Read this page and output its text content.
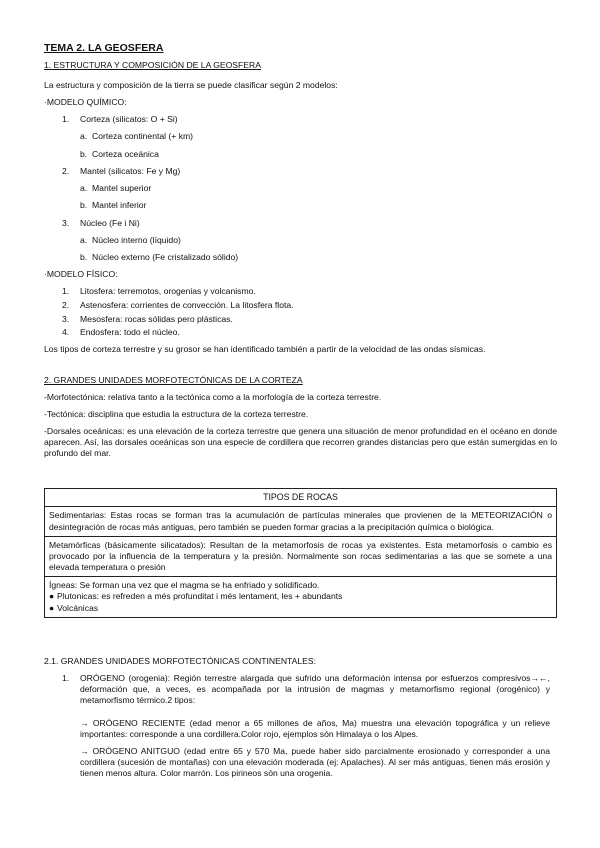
TEMA 2. LA GEOSFERA
1. ESTRUCTURA Y COMPOSICIÓN DE LA GEOSFERA
La estructura y composición de la tierra se puede clasificar según 2 modelos:
·MODELO QUÍMICO:
1. Corteza (silicatos: O + Si)
a. Corteza continental (+ km)
b. Corteza oceánica
2. Mantel (silicatos: Fe y Mg)
a. Mantel superior
b. Mantel inferior
3. Núcleo (Fe i Ni)
a. Núcleo interno (líquido)
b. Núcleo externo (Fe cristalizado sólido)
·MODELO FÍSICO:
1. Litosfera: terremotos, orogenias y volcanismo.
2. Astenosfera: corrientes de convección. La litosfera flota.
3. Mesosfera: rocas sólidas pero plásticas.
4. Endosfera: todo el núcleo.
Los tipos de corteza terrestre y su grosor se han identificado también a partir de la velocidad de las ondas sísmicas.
2. GRANDES UNIDADES MORFOTECTÓNICAS DE LA CORTEZA
-Morfotectónica: relativa tanto a la tectónica como a la morfología de la corteza terrestre.
-Tectónica: disciplina que estudia la estructura de la corteza terrestre.
-Dorsales oceánicas: es una elevación de la corteza terrestre que genera una situación de menor profundidad en el océano en donde aparecen. Así, las dorsales oceánicas son una especie de cordillera que recorren grandes distancias pero que están sumergidas en lo profundo del mar.
TIPOS DE ROCAS
Sedimentarias: Estas rocas se forman tras la acumulación de partículas minerales que provienen de la METEORIZACIÓN o desintegración de rocas más antiguas, pero también se pueden formar gracias a la precipitación química o biológica.
Metamórficas (básicamente silicatados): Resultan de la metamorfosis de rocas ya existentes. Esta metamorfosis o cambio es provocado por la influencia de la temperatura y la presión. Normalmente son rocas sedimentarias a las que se somete a una elevada temperatura o presión
Ígneas: Se forman una vez que el magma se ha enfriado y solidificado.
● Plutonicas: es refreden a més profunditat i més lentament, les + abundants
● Volcánicas
2.1. GRANDES UNIDADES MORFOTECTÓNICAS CONTINENTALES:
1. ORÓGENO (orogenia): Región terrestre alargada que sufrido una deformación intensa por esfuerzos compresivos→←, deformación que, a veces, es acompañada por la intrusión de magmas y metamorfismo regional (orogénico) y metamorfismo térmico.2 tipos:
→ ORÓGENO RECIENTE (edad menor a 65 millones de años, Ma) muestra una elevación topográfica y un relieve importantes: corresponde a una cordillera.Color rojo, ejemplos són Himalaya o los Alpes.
→ ORÓGENO ANITGUO (edad entre 65 y 570 Ma, puede haber sido parcialmente erosionado y corresponder a una cordillera (sucesión de montañas) con una elevación moderada (ej: Apalaches). Al ser más antiguas, tienen más erosión y tienen menos altura. Color marrón. Los pirineos són una orogenia.
